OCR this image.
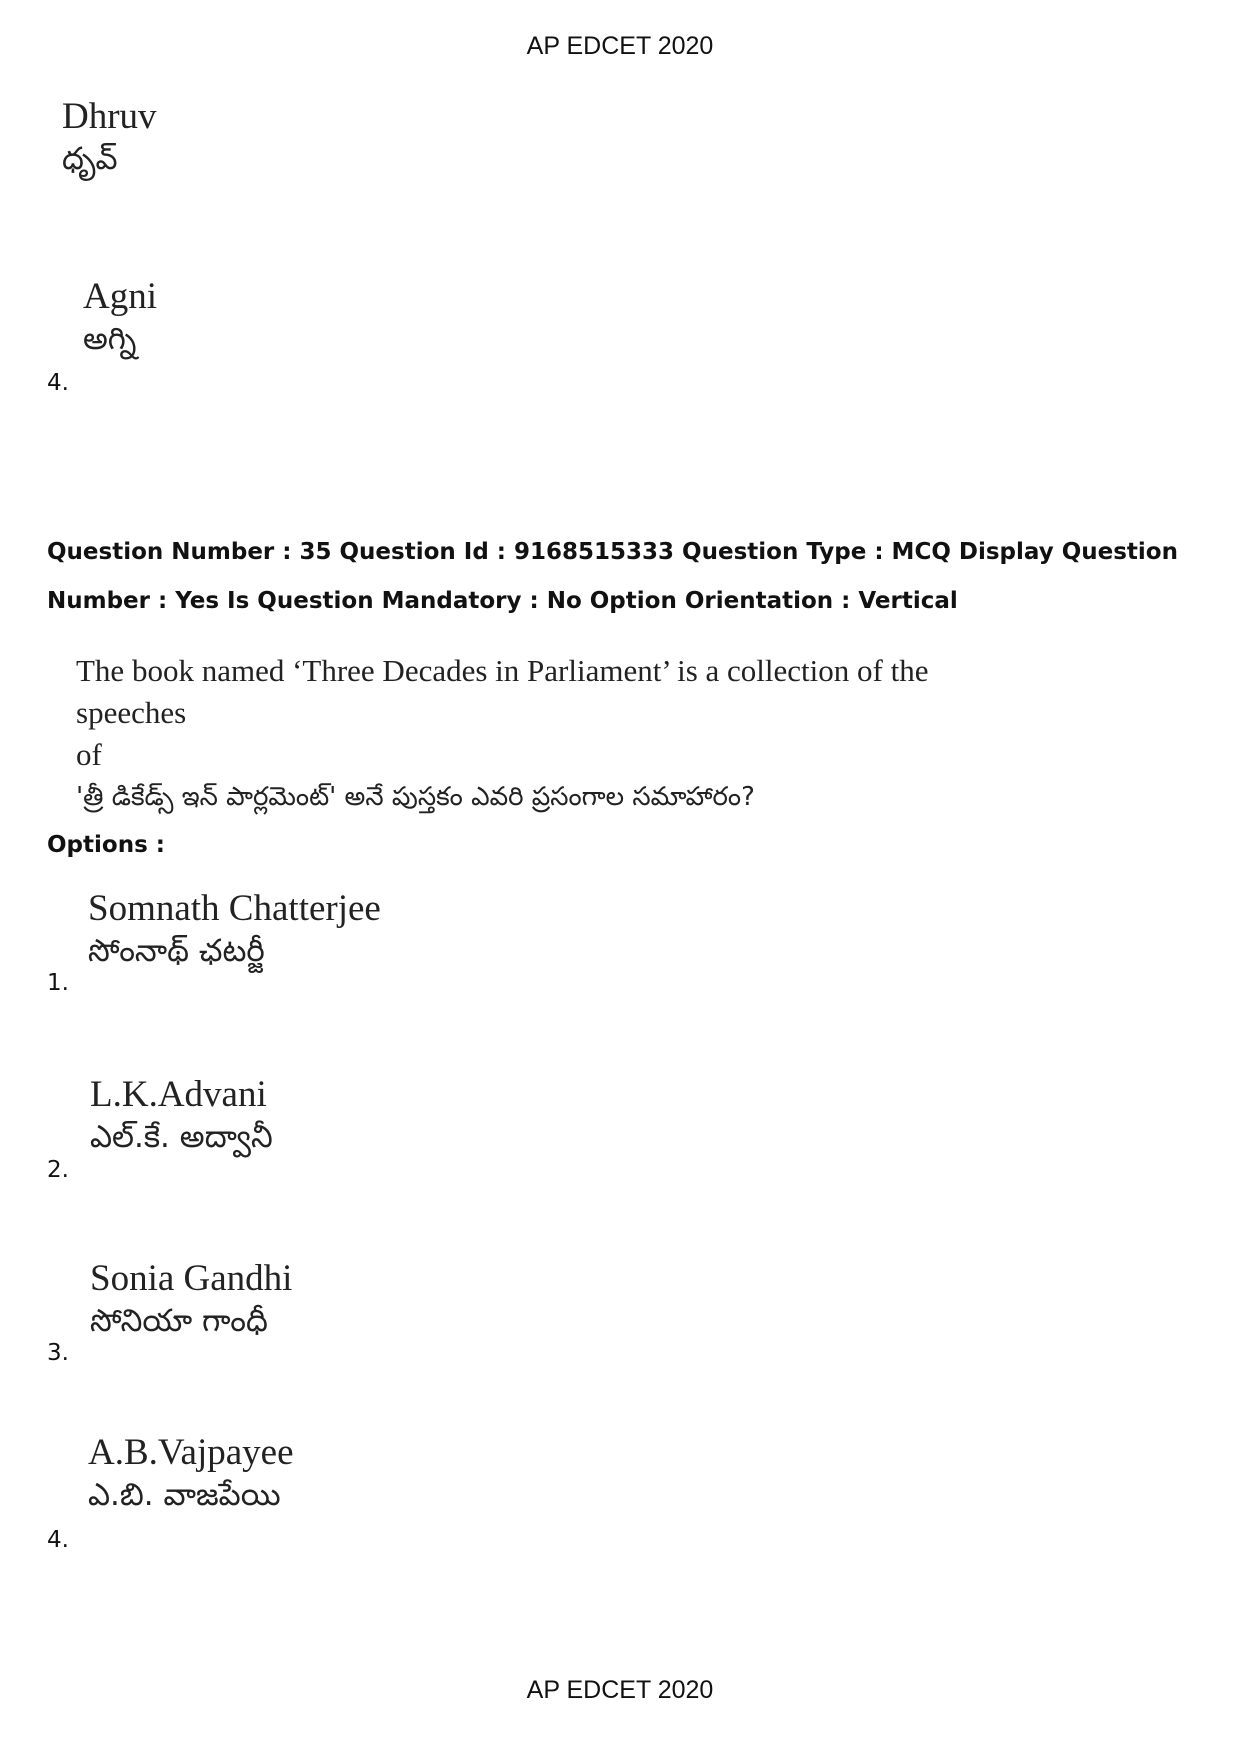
AP EDCET 2020
Dhruv
ధృవ్
4.
Agni
అగ్ని
Question Number : 35 Question Id : 9168515333 Question Type : MCQ Display Question
Number : Yes Is Question Mandatory : No Option Orientation : Vertical
The book named ‘Three Decades in Parliament’ is a collection of the speeches
of
'త్రీ డికేడ్స్ ఇన్ పార్లమెంట్' అనే పుస్తకం ఎవరి ప్రసంగాల సమాహారం?
Options :
1.
Somnath Chatterjee
సోంనాథ్ ఛటర్జీ
2.
L.K.Advani
ఎల్.కే. అద్వానీ
3.
Sonia Gandhi
సోనియా గాంధీ
4.
A.B.Vajpayee
ఎ.బి. వాజపేయి
AP EDCET 2020
